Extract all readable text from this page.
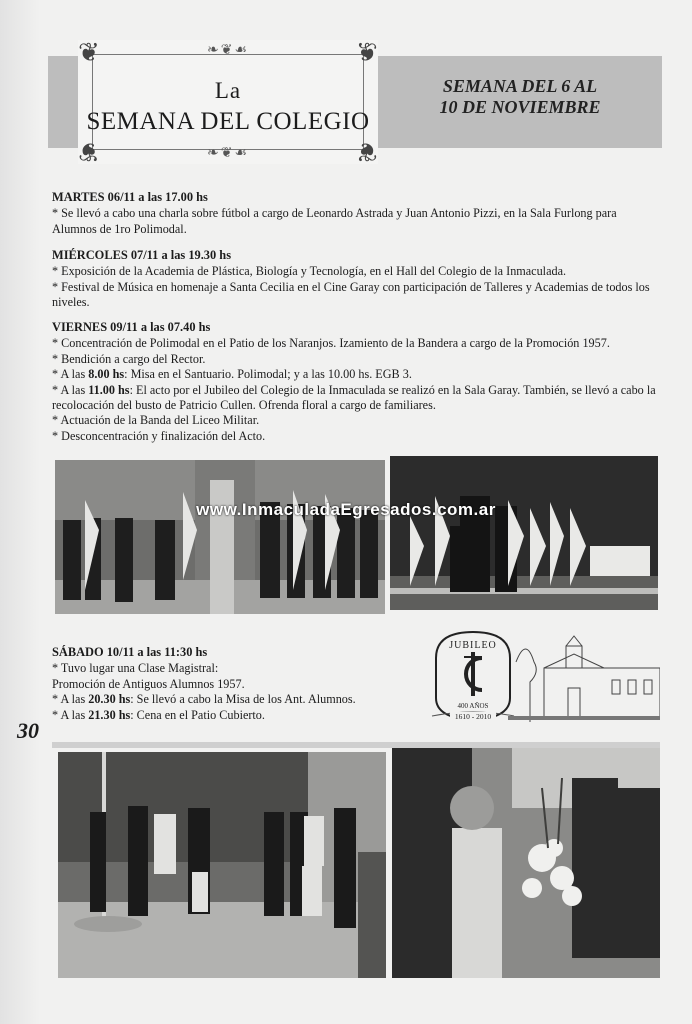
❦	❦
❦	❦
❧❦☙
❧❦☙
La
SEMANA DEL COLEGIO
SEMANA DEL 6 AL
10 DE NOVIEMBRE
MARTES 06/11 a las 17.00 hs

* Se llevó a cabo una charla sobre fútbol a cargo de Leonardo Astrada y Juan Antonio Pizzi, en la Sala Furlong para Alumnos de 1ro Polimodal.

MIÉRCOLES 07/11 a las 19.30 hs

* Exposición de la Academia de Plástica, Biología y Tecnología, en el Hall del Colegio de la Inmaculada.

* Festival de Música en homenaje a Santa Cecilia en el Cine Garay con participación de Talleres y Academias de todos los niveles.

VIERNES 09/11 a las 07.40 hs

* Concentración de Polimodal en el Patio de los Naranjos. Izamiento de la Bandera a cargo de la Promoción 1957.

* Bendición a cargo del Rector.

* A las 8.00 hs: Misa en el Santuario. Polimodal; y a las 10.00 hs. EGB 3.

* A las 11.00 hs: El acto por el Jubileo del Colegio de la Inmaculada se realizó en la Sala Garay. También, se llevó a cabo la recolocación del busto de Patricio Cullen. Ofrenda floral a cargo de familiares.

* Actuación de la Banda del Liceo Militar.

* Desconcentración y finalización del Acto.

www.InmaculadaEgresados.com.ar
SÁBADO 10/11 a las 11:30 hs

* Tuvo lugar una Clase Magistral:

Promoción de Antiguos Alumnos 1957.

* A las 20.30 hs: Se llevó a cabo la Misa de los Ant. Alumnos.

* A las 21.30 hs: Cena en el Patio Cubierto.

JUBILEO
400 AÑOS
1610 - 2010
30
